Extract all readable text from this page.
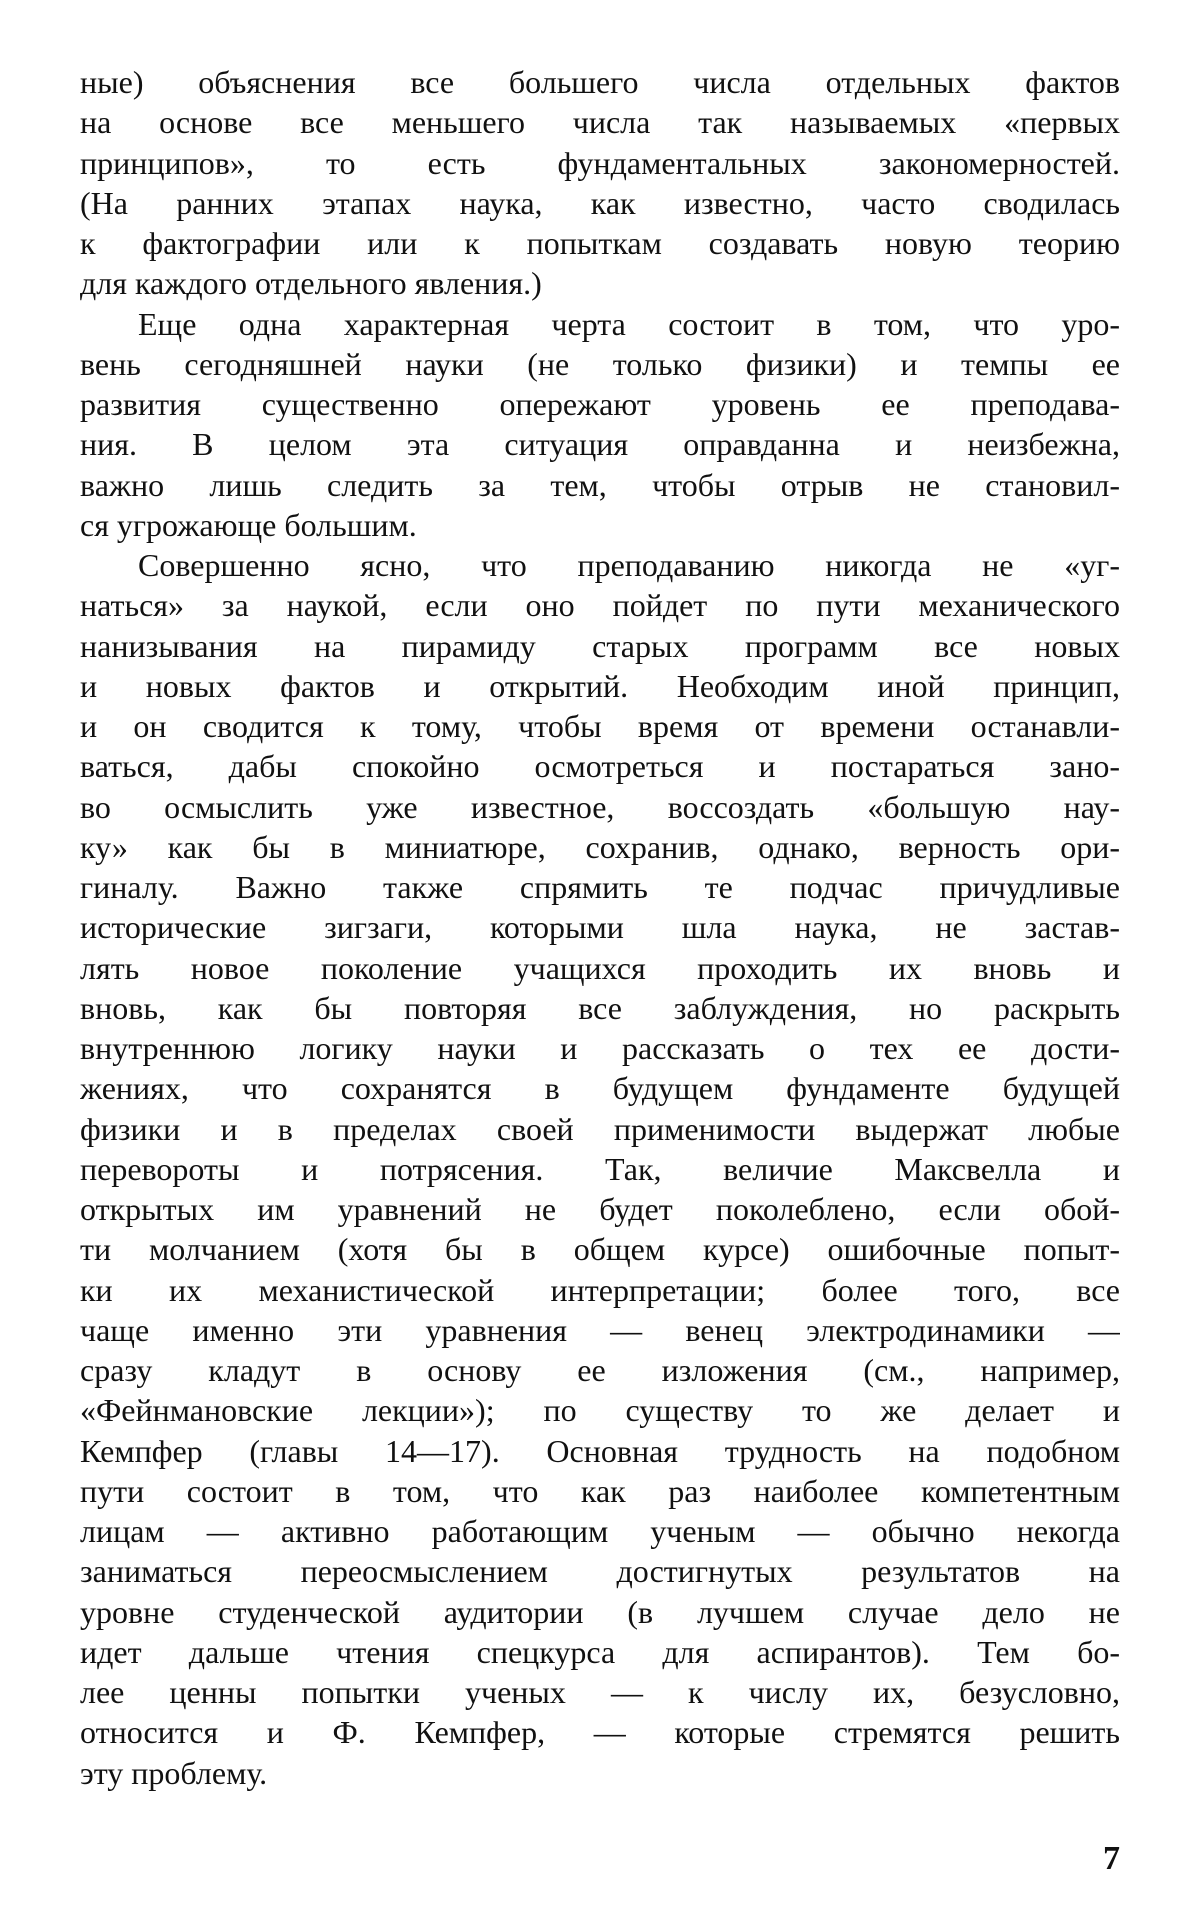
ные) объяснения все большего числа отдельных фактов
на основе все меньшего числа так называемых «первых
принципов», то есть фундаментальных закономерностей.
(На ранних этапах наука, как известно, часто сводилась
к фактографии или к попыткам создавать новую теорию
для каждого отдельного явления.)
Еще одна характерная черта состоит в том, что уро-
вень сегодняшней науки (не только физики) и темпы ее
развития существенно опережают уровень ее преподава-
ния. В целом эта ситуация оправданна и неизбежна,
важно лишь следить за тем, чтобы отрыв не становил-
ся угрожающе большим.
Совершенно ясно, что преподаванию никогда не «уг-
наться» за наукой, если оно пойдет по пути механического
нанизывания на пирамиду старых программ все новых
и новых фактов и открытий. Необходим иной принцип,
и он сводится к тому, чтобы время от времени останавли-
ваться, дабы спокойно осмотреться и постараться зано-
во осмыслить уже известное, воссоздать «большую нау-
ку» как бы в миниатюре, сохранив, однако, верность ори-
гиналу. Важно также спрямить те подчас причудливые
исторические зигзаги, которыми шла наука, не застав-
лять новое поколение учащихся проходить их вновь и
вновь, как бы повторяя все заблуждения, но раскрыть
внутреннюю логику науки и рассказать о тех ее дости-
жениях, что сохранятся в будущем фундаменте будущей
физики и в пределах своей применимости выдержат любые
перевороты и потрясения. Так, величие Максвелла и
открытых им уравнений не будет поколеблено, если обой-
ти молчанием (хотя бы в общем курсе) ошибочные попыт-
ки их механистической интерпретации; более того, все
чаще именно эти уравнения — венец электродинамики —
сразу кладут в основу ее изложения (см., например,
«Фейнмановские лекции»); по существу то же делает и
Кемпфер (главы 14—17). Основная трудность на подобном
пути состоит в том, что как раз наиболее компетентным
лицам — активно работающим ученым — обычно некогда
заниматься переосмыслением достигнутых результатов на
уровне студенческой аудитории (в лучшем случае дело не
идет дальше чтения спецкурса для аспирантов). Тем бо-
лее ценны попытки ученых — к числу их, безусловно,
относится и Ф. Кемпфер, — которые стремятся решить
эту проблему.
7
